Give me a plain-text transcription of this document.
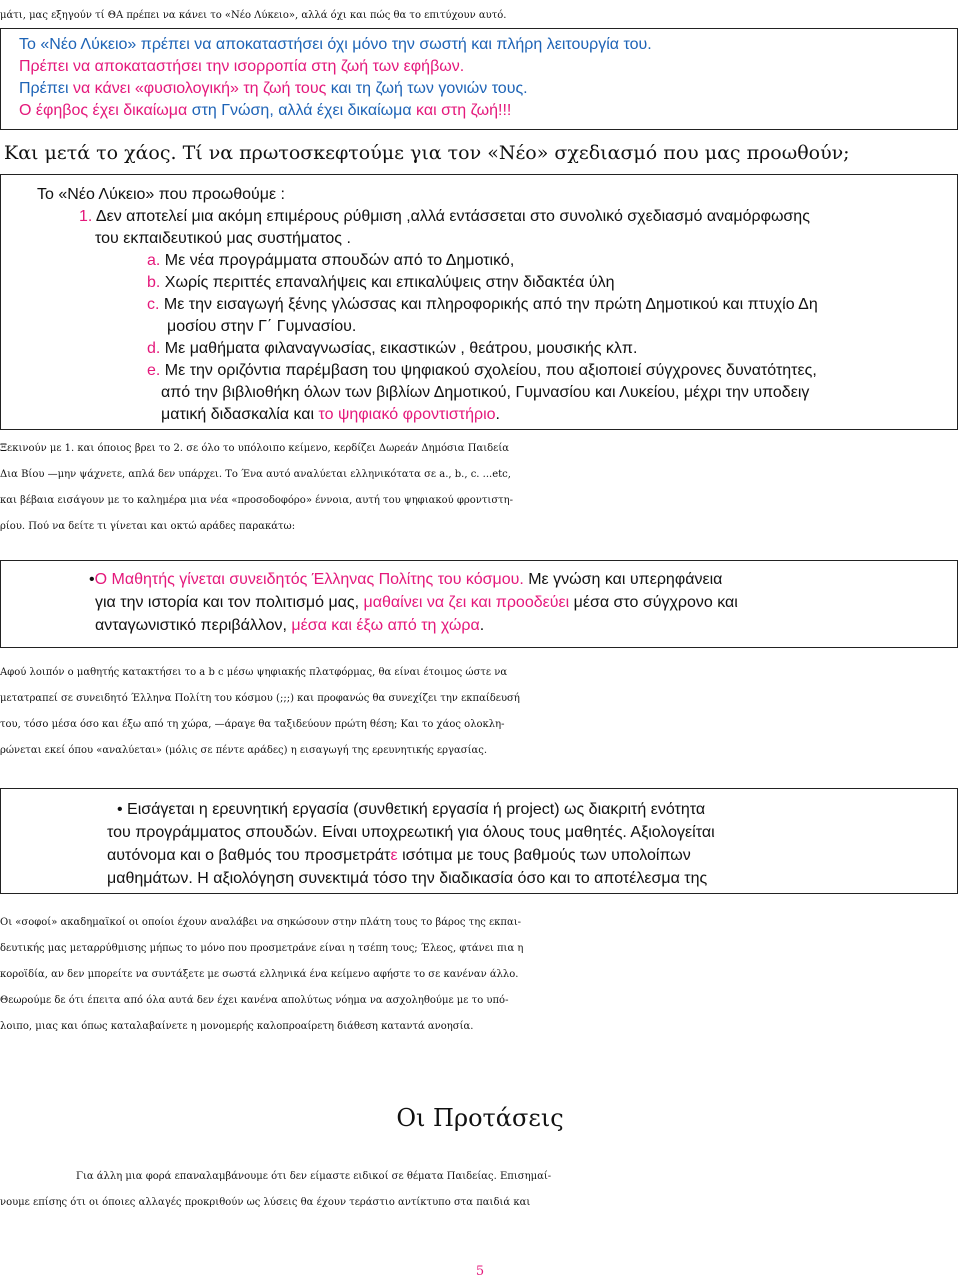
μάτι, μας εξηγούν τί ΘΑ πρέπει να κάνει το «Νέο Λύκειο», αλλά όχι και πώς θα το επιτύχουν αυτό.
Το «Νέο Λύκειο» πρέπει να αποκαταστήσει όχι μόνο την σωστή και πλήρη λειτουργία του.
Πρέπει να αποκαταστήσει την ισορροπία στη ζωή των εφήβων.
Πρέπει να κάνει «φυσιολογική» τη ζωή τους και τη ζωή των γονιών τους.
Ο έφηβος έχει δικαίωμα στη Γνώση, αλλά έχει δικαίωμα και στη ζωή!!!
Και μετά το χάος. Τί να πρωτοσκεφτούμε για τον «Νέο» σχεδιασμό που μας προωθούν;
Το «Νέο Λύκειο» που προωθούμε :
1. Δεν αποτελεί μια ακόμη επιμέρους ρύθμιση ,αλλά εντάσσεται στο συνολικό σχεδιασμό αναμόρφωσης
του εκπαιδευτικού μας συστήματος .
a. Με νέα προγράμματα σπουδών από το Δημοτικό,
b. Χωρίς περιττές επαναλήψεις και επικαλύψεις στην διδακτέα ύλη
c. Με την εισαγωγή ξένης γλώσσας και πληροφορικής από την πρώτη Δημοτικού και πτυχίο Δη
μοσίου στην Γ΄ Γυμνασίου.
d. Με μαθήματα φιλαναγνωσίας, εικαστικών , θεάτρου, μουσικής κλπ.
e. Με την οριζόντια παρέμβαση του ψηφιακού σχολείου, που αξιοποιεί σύγχρονες δυνατότητες,
από την βιβλιοθήκη όλων των βιβλίων Δημοτικού, Γυμνασίου και Λυκείου, μέχρι την υποδειγ
ματική διδασκαλία και το ψηφιακό φροντιστήριο.
Ξεκινούν με 1. και όποιος βρει το 2. σε όλο το υπόλοιπο κείμενο, κερδίζει Δωρεάν Δημόσια Παιδεία
Δια Βίου —μην ψάχνετε, απλά δεν υπάρχει. Το Ένα αυτό αναλύεται ελληνικότατα σε a., b., c. ...etc,
και βέβαια εισάγουν με το καλημέρα μια νέα «προσοδοφόρο» έννοια, αυτή του ψηφιακού φροντιστη-
ρίου. Πού να δείτε τι γίνεται και οκτώ αράδες παρακάτω:
•Ο Μαθητής γίνεται συνειδητός Έλληνας Πολίτης του κόσμου. Με γνώση και υπερηφάνεια
για την ιστορία και τον πολιτισμό μας, μαθαίνει να ζει και προοδεύει μέσα στο σύγχρονο και
ανταγωνιστικό περιβάλλον, μέσα και έξω από τη χώρα.
Αφού λοιπόν ο μαθητής κατακτήσει το a b c μέσω ψηφιακής πλατφόρμας, θα είναι έτοιμος ώστε να
μετατραπεί σε συνειδητό Έλληνα Πολίτη του κόσμου (;;;) και προφανώς θα συνεχίζει την εκπαίδευσή
του, τόσο μέσα όσο και έξω από τη χώρα, —άραγε θα ταξιδεύουν πρώτη θέση; Και το χάος ολοκλη-
ρώνεται εκεί όπου «αναλύεται» (μόλις σε πέντε αράδες) η εισαγωγή της ερευνητικής εργασίας.
• Εισάγεται η ερευνητική εργασία (συνθετική εργασία ή project) ως διακριτή ενότητα
του προγράμματος σπουδών. Είναι υποχρεωτική για όλους τους μαθητές. Αξιολογείται
αυτόνομα και ο βαθμός του προσμετράτε ισότιμα με τους βαθμούς των υπολοίπων
μαθημάτων. Η αξιολόγηση συνεκτιμά τόσο την διαδικασία όσο και το αποτέλεσμα της
Οι «σοφοί» ακαδημαϊκοί οι οποίοι έχουν αναλάβει να σηκώσουν στην πλάτη τους το βάρος της εκπαι-
δευτικής μας μεταρρύθμισης μήπως το μόνο που προσμετράνε είναι η τσέπη τους; Έλεος, φτάνει πια η
κοροϊδία, αν δεν μπορείτε να συντάξετε με σωστά ελληνικά ένα κείμενο αφήστε το σε κανέναν άλλο.
Θεωρούμε δε ότι έπειτα από όλα αυτά δεν έχει κανένα απολύτως νόημα να ασχοληθούμε με το υπό-
λοιπο, μιας και όπως καταλαβαίνετε η μονομερής καλοπροαίρετη διάθεση καταντά ανοησία.
Οι Προτάσεις
Για άλλη μια φορά επαναλαμβάνουμε ότι δεν είμαστε ειδικοί σε θέματα Παιδείας. Επισημαί-
νουμε επίσης ότι οι όποιες αλλαγές προκριθούν ως λύσεις θα έχουν τεράστιο αντίκτυπο στα παιδιά και
5
